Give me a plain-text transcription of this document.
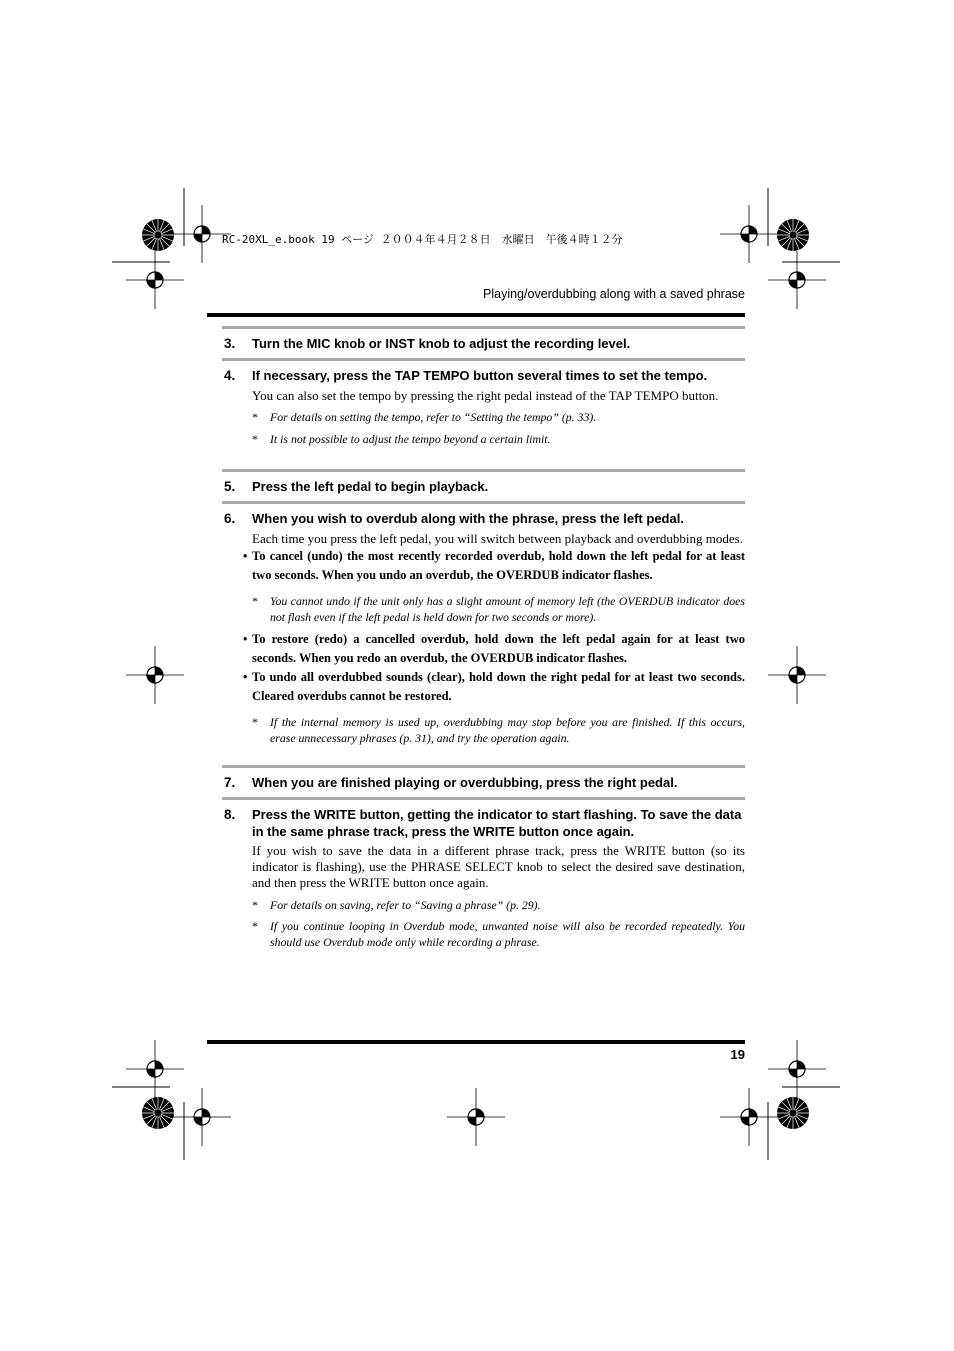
RC-20XL_e.book 19 ページ ２００４年４月２８日　水曜日　午後４時１２分
Playing/overdubbing along with a saved phrase
3. Turn the MIC knob or INST knob to adjust the recording level.
4. If necessary, press the TAP TEMPO button several times to set the tempo.
You can also set the tempo by pressing the right pedal instead of the TAP TEMPO button.
* For details on setting the tempo, refer to “Setting the tempo” (p. 33).
* It is not possible to adjust the tempo beyond a certain limit.
5. Press the left pedal to begin playback.
6. When you wish to overdub along with the phrase, press the left pedal.
Each time you press the left pedal, you will switch between playback and overdubbing modes.
• To cancel (undo) the most recently recorded overdub, hold down the left pedal for at least two seconds. When you undo an overdub, the OVERDUB indicator flashes.
* You cannot undo if the unit only has a slight amount of memory left (the OVERDUB indicator does not flash even if the left pedal is held down for two seconds or more).
• To restore (redo) a cancelled overdub, hold down the left pedal again for at least two seconds. When you redo an overdub, the OVERDUB indicator flashes.
• To undo all overdubbed sounds (clear), hold down the right pedal for at least two seconds. Cleared overdubs cannot be restored.
* If the internal memory is used up, overdubbing may stop before you are finished. If this occurs, erase unnecessary phrases (p. 31), and try the operation again.
7. When you are finished playing or overdubbing, press the right pedal.
8. Press the WRITE button, getting the indicator to start flashing. To save the data in the same phrase track, press the WRITE button once again.
If you wish to save the data in a different phrase track, press the WRITE button (so its indicator is flashing), use the PHRASE SELECT knob to select the desired save destination, and then press the WRITE button once again.
* For details on saving, refer to “Saving a phrase” (p. 29).
* If you continue looping in Overdub mode, unwanted noise will also be recorded repeatedly. You should use Overdub mode only while recording a phrase.
19
